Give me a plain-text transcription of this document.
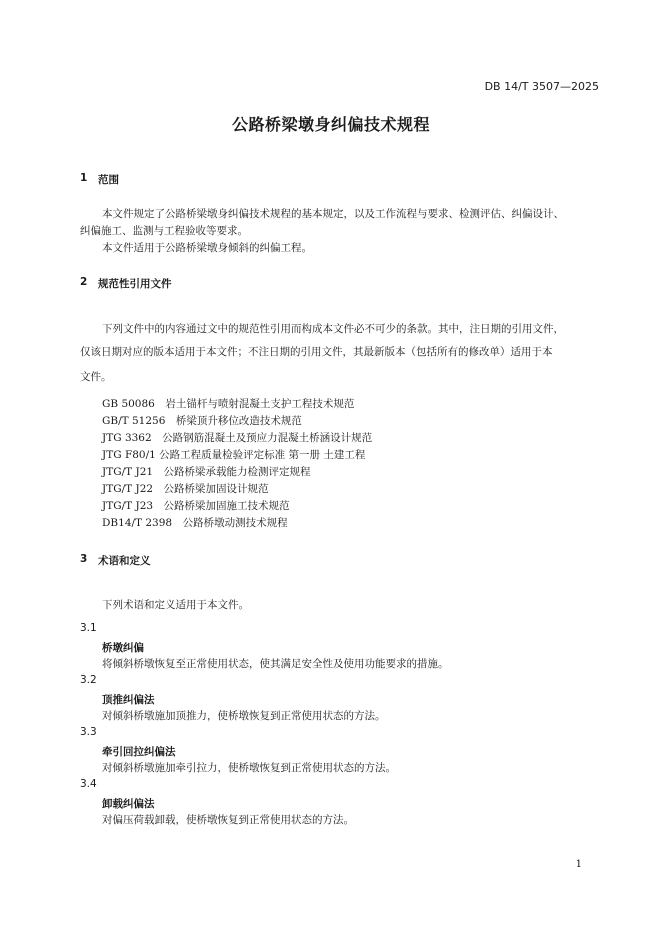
DB 14/T 3507—2025
公路桥梁墩身纠偏技术规程
1 范围
本文件规定了公路桥梁墩身纠偏技术规程的基本规定，以及工作流程与要求、检测评估、纠偏设计、
纠偏施工、监测与工程验收等要求。
本文件适用于公路桥梁墩身倾斜的纠偏工程。
2 规范性引用文件
下列文件中的内容通过文中的规范性引用而构成本文件必不可少的条款。其中，注日期的引用文件，
仅该日期对应的版本适用于本文件；不注日期的引用文件，其最新版本（包括所有的修改单）适用于本
文件。
GB 50086　岩土锚杆与喷射混凝土支护工程技术规范
GB/T 51256　桥梁顶升移位改造技术规范
JTG 3362　公路钢筋混凝土及预应力混凝土桥涵设计规范
JTG F80/1 公路工程质量检验评定标准 第一册 土建工程
JTG/T J21　公路桥梁承载能力检测评定规程
JTG/T J22　公路桥梁加固设计规范
JTG/T J23　公路桥梁加固施工技术规范
DB14/T 2398　公路桥墩动测技术规程
3 术语和定义
下列术语和定义适用于本文件。
3.1
桥墩纠偏
将倾斜桥墩恢复至正常使用状态，使其满足安全性及使用功能要求的措施。
3.2
顶推纠偏法
对倾斜桥墩施加顶推力，使桥墩恢复到正常使用状态的方法。
3.3
牵引回拉纠偏法
对倾斜桥墩施加牵引拉力，使桥墩恢复到正常使用状态的方法。
3.4
卸载纠偏法
对偏压荷载卸载，使桥墩恢复到正常使用状态的方法。
1
